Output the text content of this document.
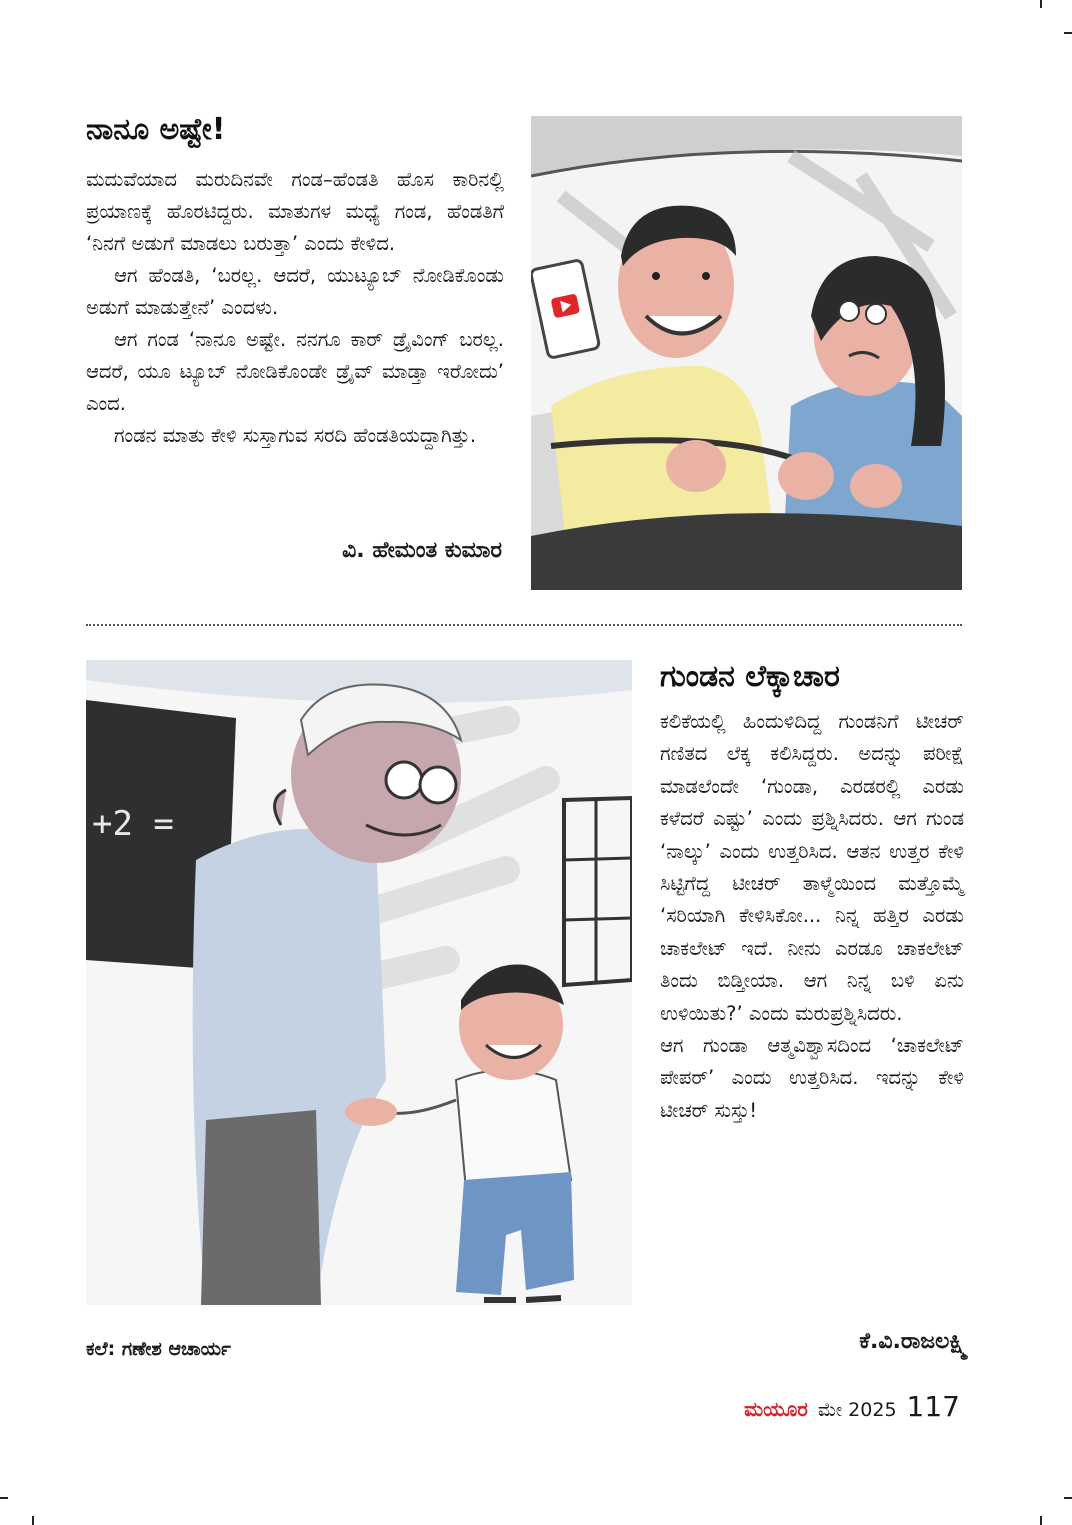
ನಾನೂ ಅಷ್ಟೇ!

ಮದುವೆಯಾದ ಮರುದಿನವೇ ಗಂಡ–ಹೆಂಡತಿ ಹೊಸ ಕಾರಿನಲ್ಲಿ ಪ್ರಯಾಣಕ್ಕೆ ಹೊರಟಿದ್ದರು. ಮಾತುಗಳ ಮಧ್ಯೆ ಗಂಡ, ಹೆಂಡತಿಗೆ ‘ನಿನಗೆ ಅಡುಗೆ ಮಾಡಲು ಬರುತ್ತಾ’ ಎಂದು ಕೇಳಿದ.

ಆಗ ಹೆಂಡತಿ, ‘ಬರಲ್ಲ. ಆದರೆ, ಯುಟ್ಯೂಬ್ ನೋಡಿಕೊಂಡು ಅಡುಗೆ ಮಾಡುತ್ತೇನೆ’ ಎಂದಳು.

ಆಗ ಗಂಡ ‘ನಾನೂ ಅಷ್ಟೇ. ನನಗೂ ಕಾರ್ ಡ್ರೈವಿಂಗ್ ಬರಲ್ಲ. ಆದರೆ, ಯೂ ಟ್ಯೂಬ್ ನೋಡಿಕೊಂಡೇ ಡ್ರೈವ್ ಮಾಡ್ತಾ ಇರೋದು’ ಎಂದ.

ಗಂಡನ ಮಾತು ಕೇಳಿ ಸುಸ್ತಾಗುವ ಸರದಿ ಹೆಂಡತಿಯದ್ದಾಗಿತ್ತು.

ವಿ. ಹೇಮಂತ ಕುಮಾರ
+2 =
ಗುಂಡನ ಲೆಕ್ಕಾಚಾರ

ಕಲಿಕೆಯಲ್ಲಿ ಹಿಂದುಳಿದಿದ್ದ ಗುಂಡನಿಗೆ ಟೀಚರ್ ಗಣಿತದ ಲೆಕ್ಕ ಕಲಿಸಿದ್ದರು. ಅದನ್ನು ಪರೀಕ್ಷೆ ಮಾಡಲೆಂದೇ ‘ಗುಂಡಾ, ಎರಡರಲ್ಲಿ ಎರಡು ಕಳೆದರೆ ಎಷ್ಟು’ ಎಂದು ಪ್ರಶ್ನಿಸಿದರು. ಆಗ ಗುಂಡ ‘ನಾಲ್ಕು’ ಎಂದು ಉತ್ತರಿಸಿದ. ಆತನ ಉತ್ತರ ಕೇಳಿ ಸಿಟ್ಟಿಗೆದ್ದ ಟೀಚರ್ ತಾಳ್ಮೆಯಿಂದ ಮತ್ತೊಮ್ಮೆ ‘ಸರಿಯಾಗಿ ಕೇಳಿಸಿಕೋ... ನಿನ್ನ ಹತ್ತಿರ ಎರಡು ಚಾಕಲೇಟ್ ಇದೆ. ನೀನು ಎರಡೂ ಚಾಕಲೇಟ್ ತಿಂದು ಬಿಡ್ತೀಯಾ. ಆಗ ನಿನ್ನ ಬಳಿ ಏನು ಉಳಿಯಿತು?’ ಎಂದು ಮರುಪ್ರಶ್ನಿಸಿದರು.

ಆಗ ಗುಂಡಾ ಆತ್ಮವಿಶ್ವಾಸದಿಂದ ‘ಚಾಕಲೇಟ್ ಪೇಪರ್’ ಎಂದು ಉತ್ತರಿಸಿದ. ಇದನ್ನು ಕೇಳಿ ಟೀಚರ್ ಸುಸ್ತು!

ಕೆ.ವಿ.ರಾಜಲಕ್ಷ್ಮಿ
ಕಲೆ: ಗಣೇಶ ಆಚಾರ್ಯ
ಮಯೂರ ಮೇ 2025 117
